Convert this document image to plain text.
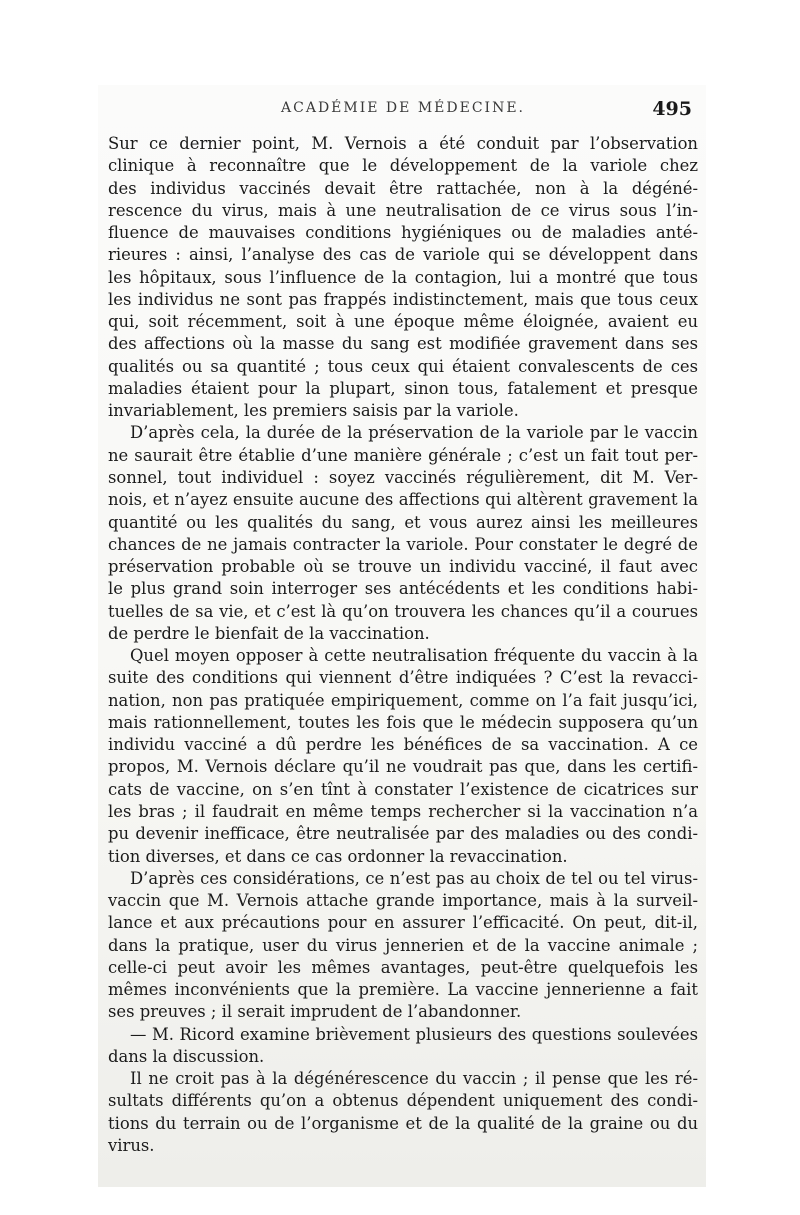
ACADÉMIE DE MÉDECINE.	495
Sur ce dernier point, M. Vernois a été conduit par l’observation
clinique à reconnaître que le développement de la variole chez
des individus vaccinés devait être rattachée, non à la dégéné-
rescence du virus, mais à une neutralisation de ce virus sous l’in-
fluence de mauvaises conditions hygiéniques ou de maladies anté-
rieures : ainsi, l’analyse des cas de variole qui se développent dans
les hôpitaux, sous l’influence de la contagion, lui a montré que tous
les individus ne sont pas frappés indistinctement, mais que tous ceux
qui, soit récemment, soit à une époque même éloignée, avaient eu
des affections où la masse du sang est modifiée gravement dans ses
qualités ou sa quantité ; tous ceux qui étaient convalescents de ces
maladies étaient pour la plupart, sinon tous, fatalement et presque
invariablement, les premiers saisis par la variole.
D’après cela, la durée de la préservation de la variole par le vaccin
ne saurait être établie d’une manière générale ; c’est un fait tout per-
sonnel, tout individuel : soyez vaccinés régulièrement, dit M. Ver-
nois, et n’ayez ensuite aucune des affections qui altèrent gravement la
quantité ou les qualités du sang, et vous aurez ainsi les meilleures
chances de ne jamais contracter la variole. Pour constater le degré de
préservation probable où se trouve un individu vacciné, il faut avec
le plus grand soin interroger ses antécédents et les conditions habi-
tuelles de sa vie, et c’est là qu’on trouvera les chances qu’il a courues
de perdre le bienfait de la vaccination.
Quel moyen opposer à cette neutralisation fréquente du vaccin à la
suite des conditions qui viennent d’être indiquées ? C’est la revacci-
nation, non pas pratiquée empiriquement, comme on l’a fait jusqu’ici,
mais rationnellement, toutes les fois que le médecin supposera qu’un
individu vacciné a dû perdre les bénéfices de sa vaccination. A ce
propos, M. Vernois déclare qu’il ne voudrait pas que, dans les certifi-
cats de vaccine, on s’en tînt à constater l’existence de cicatrices sur
les bras ; il faudrait en même temps rechercher si la vaccination n’a
pu devenir inefficace, être neutralisée par des maladies ou des condi-
tion diverses, et dans ce cas ordonner la revaccination.
D’après ces considérations, ce n’est pas au choix de tel ou tel virus-
vaccin que M. Vernois attache grande importance, mais à la surveil-
lance et aux précautions pour en assurer l’efficacité. On peut, dit-il,
dans la pratique, user du virus jennerien et de la vaccine animale ;
celle-ci peut avoir les mêmes avantages, peut-être quelquefois les
mêmes inconvénients que la première. La vaccine jennerienne a fait
ses preuves ; il serait imprudent de l’abandonner.
— M. Ricord examine brièvement plusieurs des questions soulevées
dans la discussion.
Il ne croit pas à la dégénérescence du vaccin ; il pense que les ré-
sultats différents qu’on a obtenus dépendent uniquement des condi-
tions du terrain ou de l’organisme et de la qualité de la graine ou du
virus.
